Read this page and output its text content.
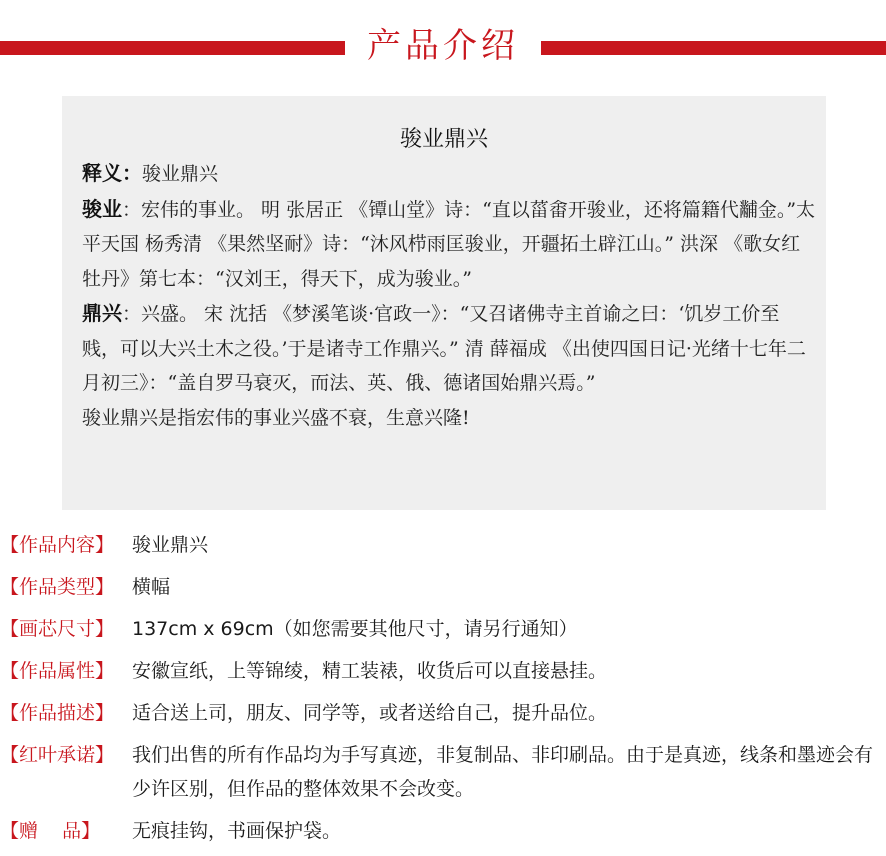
产品介绍
骏业鼎兴

释义：骏业鼎兴

骏业：宏伟的事业。 明 张居正 《镡山堂》诗：“直以菑畬开骏业，还将篇籍代黼金。”太平天国 杨秀清 《果然坚耐》诗：“沐风栉雨匡骏业，开疆拓土辟江山。” 洪深 《歌女红牡丹》第七本：“汉刘王，得天下，成为骏业。”

鼎兴：兴盛。 宋 沈括 《梦溪笔谈·官政一》：“又召诸佛寺主首谕之曰：‘饥岁工价至贱，可以大兴土木之役。’于是诸寺工作鼎兴。” 清 薛福成 《出使四国日记·光绪十七年二月初三》：“盖自罗马衰灭，而法、英、俄、德诸国始鼎兴焉。”

骏业鼎兴是指宏伟的事业兴盛不衰，生意兴隆!

【作品内容】 骏业鼎兴
【作品类型】 横幅
【画芯尺寸】 137cm x 69cm（如您需要其他尺寸，请另行通知）
【作品属性】 安徽宣纸，上等锦绫，精工装裱，收货后可以直接悬挂。
【作品描述】 适合送上司，朋友、同学等，或者送给自己，提升品位。
【红叶承诺】 我们出售的所有作品均为手写真迹，非复制品、非印刷品。由于是真迹，线条和墨迹会有少许区别，但作品的整体效果不会改变。
【赠    品】	无痕挂钩，书画保护袋。
